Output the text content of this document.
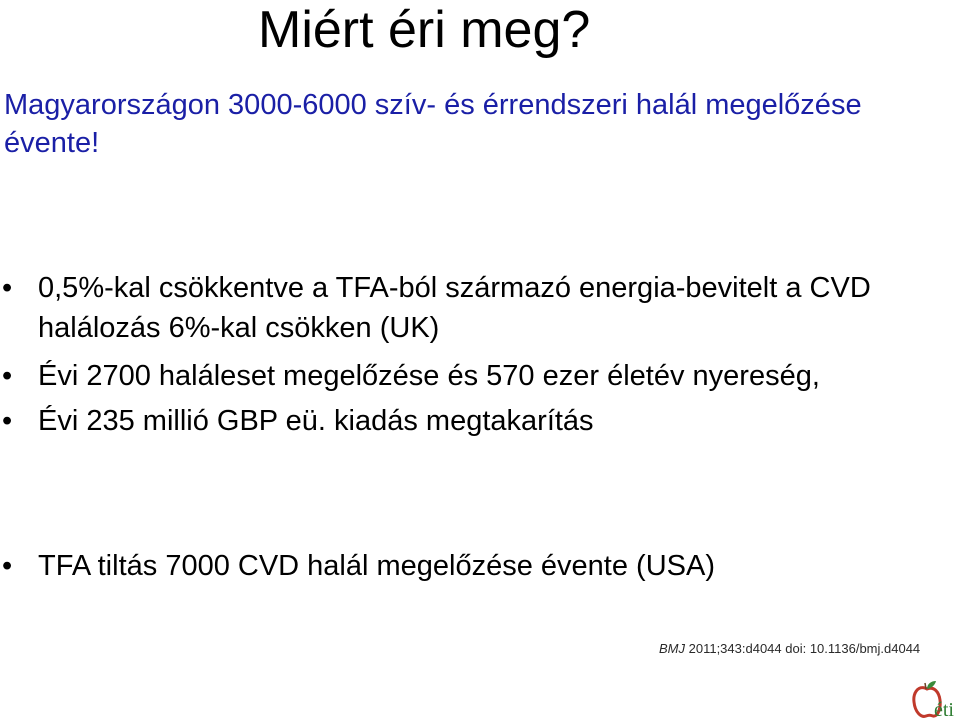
Miért éri meg?
Magyarországon 3000-6000 szív- és érrendszeri halál megelőzése évente!
• 0,5%-kal csökkentve a TFA-ból származó energia-bevitelt a CVD halálozás 6%-kal csökken (UK)
• Évi 2700 haláleset megelőzése és 570 ezer életév nyereség,
• Évi 235 millió GBP eü. kiadás megtakarítás
• TFA tiltás 7000 CVD halál megelőzése évente (USA)
BMJ 2011;343:d4044 doi: 10.1136/bmj.d4044
éti
